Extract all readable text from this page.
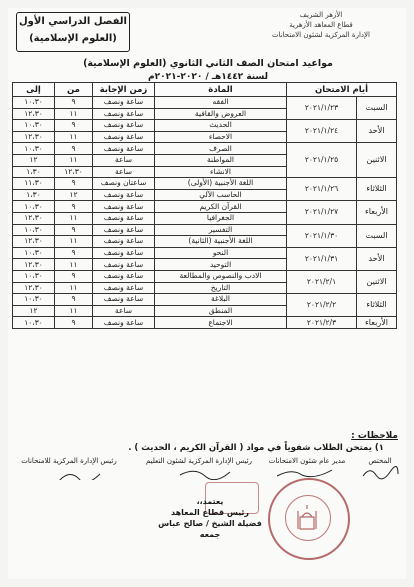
الفصل الدراسي الأول
(العلوم الإسلامية)
الأزهر الشريف
قطاع المعاهد الأزهرية
الإدارة المركزية لشئون الامتحانات
مواعيد امتحان الصف الثاني الثانوي (العلوم الإسلامية)
لسنة ١٤٤٢هـ / ٢٠٢٠-٢٠٢١م
أيام الامتحان		المادة	زمن الإجابة	من	إلى
السبت	٢٠٢١/١/٢٣	الفقه	ساعة ونصف	٩	١٠،٣٠
		العروض والقافية	ساعة ونصف	١١	١٢،٣٠
الأحد	٢٠٢١/١/٢٤	الحديث	ساعة ونصف	٩	١٠،٣٠
		الاحصاء	ساعة ونصف	١١	١٢،٣٠
الاثنين	٢٠٢١/١/٢٥	الصرف	ساعة ونصف	٩	١٠،٣٠
		المواطنة	ساعة	١١	١٢
		الانشاء	ساعة	١٢،٣٠	١،٣٠
الثلاثاء	٢٠٢١/١/٢٦	اللغة الأجنبية (الأولى)	ساعتان ونصف	٩	١١،٣٠
		الحاسب الآلي	ساعة ونصف	١٢	١،٣٠
الأربعاء	٢٠٢١/١/٢٧	القرآن الكريم	ساعة ونصف	٩	١٠،٣٠
		الجغرافيا	ساعة ونصف	١١	١٢،٣٠
السبت	٢٠٢١/١/٣٠	التفسير	ساعة ونصف	٩	١٠،٣٠
		اللغة الأجنبية (الثانية)	ساعة ونصف	١١	١٢،٣٠
الأحد	٢٠٢١/١/٣١	النحو	ساعة ونصف	٩	١٠،٣٠
		التوحيد	ساعة ونصف	١١	١٢،٣٠
الاثنين	٢٠٢١/٢/١	الادب والنصوص والمطالعة	ساعة ونصف	٩	١٠،٣٠
		التاريخ	ساعة ونصف	١١	١٢،٣٠
الثلاثاء	٢٠٢١/٢/٢	البلاغة	ساعة ونصف	٩	١٠،٣٠
		المنطق	ساعة	١١	١٢
الأربعاء	٢٠٢١/٢/٣	الاجتماع	ساعة ونصف	٩	١٠،٣٠
ملاحظات :
١) يمتحن الطلاب شفوياً في مواد ( القرآن الكريم ، الحديث ) .
المختص
مدير عام شئون الامتحانات
رئيس الإدارة المركزية لشئون التعليم
رئيس الإدارة المركزية للامتحانات
يعتمد،،
رئيس قطاع المعاهد
فضيلة الشيخ / صالح عباس جمعه
